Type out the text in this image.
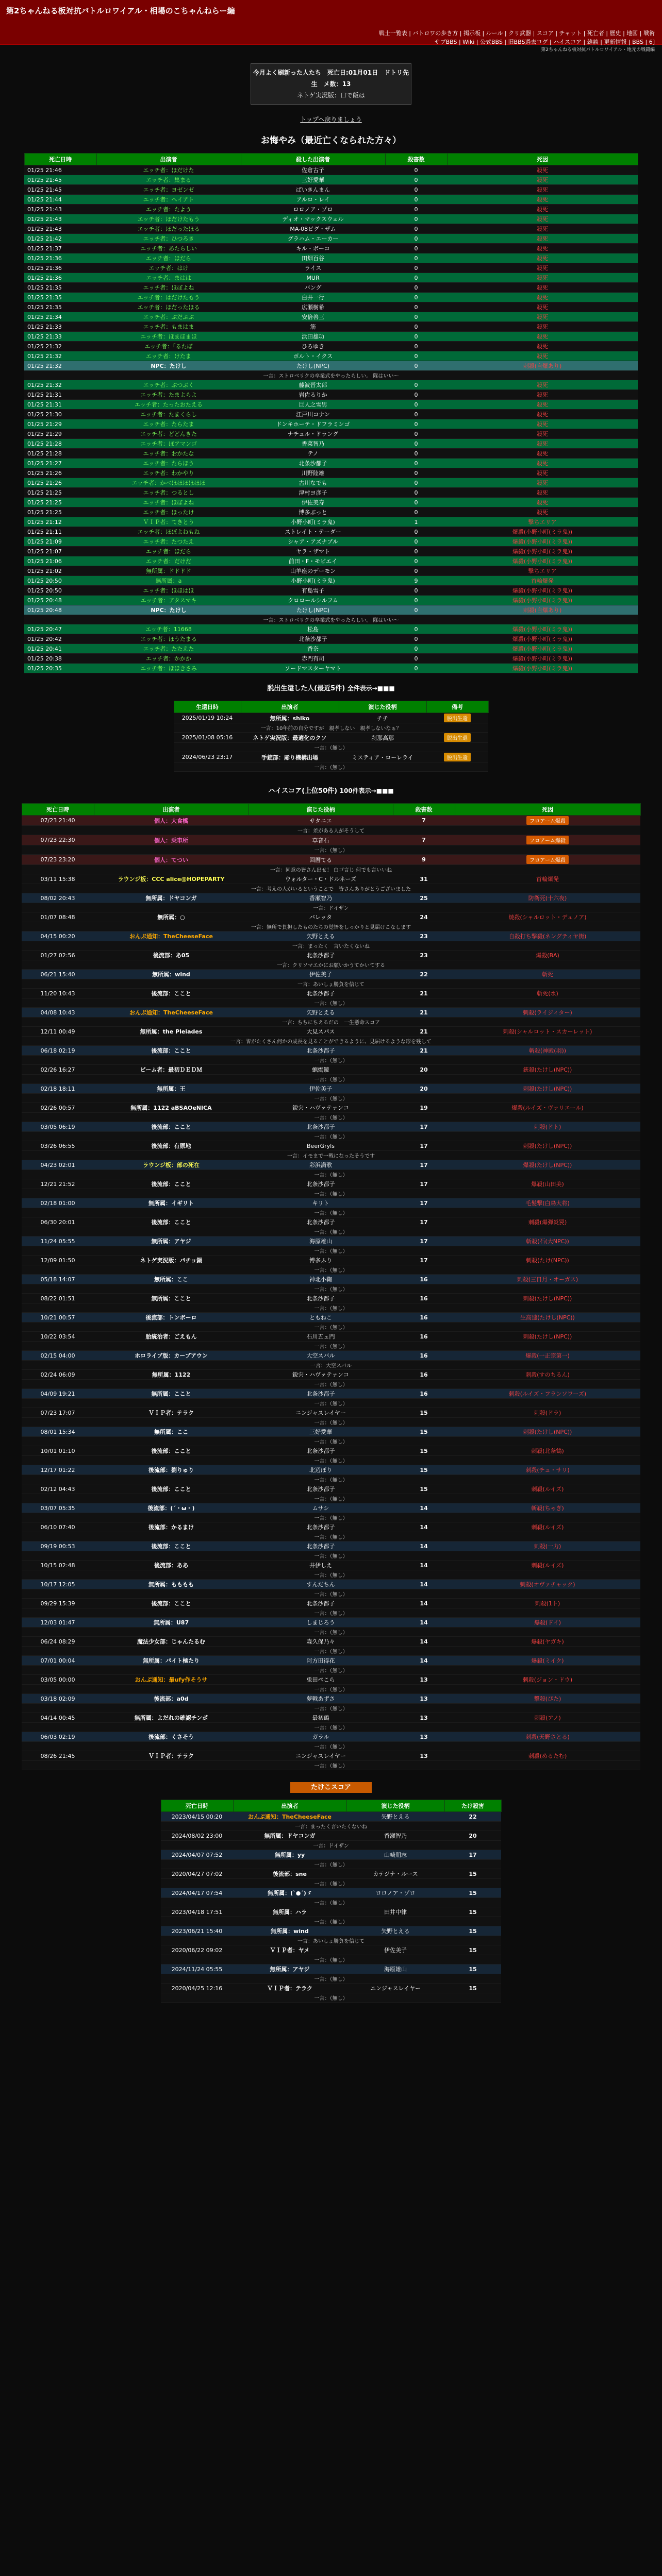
第2ちゃんねる板対抗バトルロワイアル・相場のこちゃんねらー編
戦士一覧表 | バトロワの歩き方 | 掲示板 | ルール | クリ武器 | スコア | チャット | 死亡者 | 歴史 | 地図 | 戦術
サブBBS | Wiki | 公式BBS | 旧BBS過去ログ | ハイスコア | 雑談 | 更新情報 | BBS | 6]
第2ちゃんねる板対抗バトルロワイアル・地元の戦闘編
今月よく刷新った人たち　死亡日:01月01日　ドトリ先生　メ数：13
ネトゲ実況版：口で飯は
トップへ戻りましょう
お悔やみ（最近亡くなられた方々）
死亡日時	出演者	殺した出演者	殺害数	死因
01/25 21:46	エッチ者：ほだけた	佐倉古子	0	殺死
01/25 21:45	エッチ者：集まる	三好愛華	0	殺死
01/25 21:45	エッチ者：ヨゼンゼ	ぱいきんまん	0	殺死
01/25 21:44	エッチ者：ヘイアト	アルロ・レイ	0	殺死
01/25 21:43	エッチ者：たよう	ロロノア・ゾロ	0	殺死
01/25 21:43	エッチ者：ほだけたもう	ディオ・マックスウェル	0	殺死
01/25 21:43	エッチ者：ほだったほる	MA-08ビグ・ザム	0	殺死
01/25 21:42	エッチ者：ひつろき	グラハム・エーカー	0	殺死
01/25 21:37	エッチ者：あたらしい	キル・ボーコ	0	殺死
01/25 21:36	エッチ者：ほだら	田畑百谷	0	殺死
01/25 21:36	エッチ者：はけ	ライス	0	殺死
01/25 21:36	エッチ者：まはは	MUR	0	殺死
01/25 21:35	エッチ者：ほぼよね	バング	0	殺死
01/25 21:35	エッチ者：はだけたもう	白井一行	0	殺死
01/25 21:35	エッチ者：ほだったほる	広瀬樹希	0	殺死
01/25 21:34	エッチ者：ぷだぷぷ	安倍善三	0	殺死
01/25 21:33	エッチ者：もまはま	筋	0	殺死
01/25 21:33	エッチ者：ほまほまほ	浜田雄功	0	殺死
01/25 21:32	エッチ者：「るたぼ	ひろゆき	0	殺死
01/25 21:32	エッチ者：けたま	ボルト・イクス	0	殺死
01/25 21:32	NPC：たけし	たけし(NPC)	0	刺殺(自爆あり)
一言：ストロベリクの卒業式をやったらしい。 隊はいい～				
01/25 21:32	エッチ者：ぶつぶく	藤波晋太郎	0	殺死
01/25 21:31	エッチ者：たまよらよ	岩佐るりか	0	殺死
01/25 21:31	エッチ者：たったおたえる	巨人之雪男	0	殺死
01/25 21:30	エッチ者：たまくらし	江戸川コナン	0	殺死
01/25 21:29	エッチ者：たらたま	ドンキホーテ・ドフラミンゴ	0	殺死
01/25 21:29	エッチ者：どどんきた	ナチュル・ドラング	0	殺死
01/25 21:28	エッチ者：ぽアマンゴ	香菜智乃	0	殺死
01/25 21:28	エッチ者：おかたな	テノ	0	殺死
01/25 21:27	エッチ者：たらほう	北条沙都子	0	殺死
01/25 21:26	エッチ者：わかやり	川野陸雄	0	殺死
01/25 21:26	エッチ者：かべほほほほほほ	古川なでも	0	殺死
01/25 21:25	エッチ者：つるとし	津村ヨ彦子	0	殺死
01/25 21:25	エッチ者：ほぼよね	伊佐美寿	0	殺死
01/25 21:25	エッチ者：ほったけ	博多ぶっと	0	殺死
01/25 21:12	ＶＩＰ者：てきとう	小野小町(ミラ鬼)	1	撃ちエリア
01/25 21:11	エッチ者：ほぼよねもね	ストレイト・テーダー	0	爆殺(小野小町(ミラ鬼))
01/25 21:09	エッチ者：たつたえ	シャア・アズナブル	0	爆殺(小野小町(ミラ鬼))
01/25 21:07	エッチ者：ほだら	ヤラ・ザマト	0	爆殺(小野小町(ミラ鬼))
01/25 21:06	エッチ者：だけだ	前田・F・モビエイ	0	爆殺(小野小町(ミラ鬼))
01/25 21:02	無所属：ドドドド	山羊座のデーモン	0	撃ちエリア
01/25 20:50	無所属：a	小野小町(ミラ鬼)	9	首輪爆発
01/25 20:50	エッチ者：ほほはほ	有島雪子	0	爆殺(小野小町(ミラ鬼))
01/25 20:48	エッチ者：アタスマキ	クロロールシルフム	0	爆殺(小野小町(ミラ鬼))
01/25 20:48	NPC：たけし	たけし(NPC)	0	刺殺(自爆あり)
一言：ストロベリクの卒業式をやったらしい。 隊はいい～				
01/25 20:47	エッチ者：11668	松島	0	爆殺(小野小町(ミラ鬼))
01/25 20:42	エッチ者：ほうたまる	北条沙都子	0	爆殺(小野小町(ミラ鬼))
01/25 20:41	エッチ者：たたえた	香奈	0	爆殺(小野小町(ミラ鬼))
01/25 20:38	エッチ者：かかか	赤門有司	0	爆殺(小野小町(ミラ鬼))
01/25 20:35	エッチ者：ほほきさみ	ソードマスターヤマト	0	爆殺(小野小町(ミラ鬼))
脱出生還した人(最近5件) 全件表示→■■■
生還日時	出演者	演じた役柄	備考
2025/01/19 10:24	無所属：shiko	チチ	脱出生還
一言：10年前の自分ですが　親孝しない　親孝しないなぁ？			
2025/01/08 05:16	ネトゲ実況版：最適化のクソ	刹那高那	脱出生還
一言：（無し）			
2024/06/23 23:17	手錠部：彫り機構出場	ミスティア・ローレライ	脱出生還
一言：（無し）			
ハイスコア(上位50件) 100件表示→■■■
死亡日時	出演者	演じた役柄	殺害数	死因
07/23 21:40	個人：大食橋	サタニエ	7	フロアーム爆殺
一言：差がある人がそうして				
07/23 22:30	個人：乗車所	草音石	7	フロアーム爆殺
一言：（無し）				
07/23 23:20	個人：てつい	回暦てる	9	フロアーム爆殺
一言：同意の皆さん出せ！ 白ゴ言じ 何でも言いいね				
03/11 15:38	ラウンジ板：CCC alice@HOPEPARTY	ウォルター・C・ドルネーズ	31	首輪爆発
一言：考えの人がいるということで　皆さんありがとうございました				
08/02 20:43	無所属：ドヤコンガ	香瀬智乃	25	防衛死(十六夜)
一言：ドイザン				
01/07 08:48	無所属：○	バレッタ	24	焼殺(シャルロット・デュノア)
一言：無所で負担したものたちの覚悟をしっかりと見届けこなします				
04/15 00:20	おんぷ通知：TheCheeseFace	矢野とえる	23	自殺打ち撃殺(ネングティヤ街)
一言：まったく　言いたくないね				
01/27 02:56	後流部：あ05	北条沙都子	23	爆殺(BA)
一言：クリソマエかにお願いかうてかいてする				
06/21 15:40	無所属：wind	伊佐美子	22	斬死
一言：あいしょ勝負を信じて				
11/20 10:43	後流部：ここと	北条沙都子	21	斬死(水)
一言：（無し）				
04/08 10:43	おんぷ通知：TheCheeseFace	矢野とえる	21	刺殺(ライジィター)
一言：ちちにちえるだの　一生懸命スコア				
12/11 00:49	無所属：the Pleiades	大見スパス	21	刺殺(シャルロット・スカーレット)
一言：皆がたくさん何かの成長を見ることができるように、見届けるような形を残して				
06/18 02:19	後流部：ここと	北条沙都子	21	斬殺(神殿(羽))
一言：（無し）				
02/26 16:27	ビーム者：最初ＤＥＤＭ	蝋燭鏡	20	銃殺(たけし(NPC))
一言：（無し）				
02/18 18:11	無所属：王	伊佐美子	20	刺殺(たけし(NPC))
一言：（無し）				
02/26 00:57	無所属：1122 aBSAOeNICA	鋭宍・ハヴァテァンコ	19	爆殺(ルイズ・ヴァリエール)
一言：（無し）				
03/05 06:19	後流部：ここと	北条沙都子	17	刺殺(ドト)
一言：（無し）				
03/26 06:55	後流部：有原地	BeerGryls	17	刺殺(たけし(NPC))
一言：イモまで一戦になったそうです				
04/23 02:01	ラウンジ板：部の死在	彩浜満歌	17	爆殺(たけし(NPC))
一言：（無し）				
12/21 21:52	後流部：ここと	北条沙都子	17	爆殺(山田美)
一言：（無し）				
02/18 01:00	無所属：イギリト	キリト	17	毛髪撃(白鳥大将)
一言：（無し）				
06/30 20:01	後流部：ここと	北条沙都子	17	刺殺(爆弾炎罠)
一言：（無し）				
11/24 05:55	無所属：アヤジ	海原雄山	17	斬殺(石(大NPC))
一言：（無し）				
12/09 01:50	ネトゲ実況版：パチョ鍋	博多ふり	17	刺殺(たけ(NPC))
一言：（無し）				
05/18 14:07	無所属：ここ	神北小鞠	16	刺殺(三日月・オーガス)
一言：（無し）				
08/22 01:51	無所属：ここと	北条沙都子	16	刺殺(たけし(NPC))
一言：（無し）				
10/21 00:57	後流部：トンボーロ	ともねこ	16	生高速(たけし(NPC))
一言：（無し）				
10/22 03:54	胎統治者：ごえもん	石川五ェ門	16	刺殺(たけし(NPC))
一言：（無し）				
02/15 04:00	ホロライブ版：カーブアウン	大空スバル	16	爆殺(一正宗第一)
一言：大空スバル				
02/24 06:09	無所属：1122	鋭宍・ハヴァテァンコ	16	刺殺(すのちるん)
一言：（無し）				
04/09 19:21	無所属：ここと	北条沙都子	16	刺殺(ルイズ・フランソワーズ)
一言：（無し）				
07/23 17:07	ＶＩＰ者：テラク	ニンジャスレイヤー	15	刺殺(ドラ)
一言：（無し）				
08/01 15:34	無所属：ここ	三好愛華	15	刺殺(たけし(NPC))
一言：（無し）				
10/01 01:10	後流部：ここと	北条沙都子	15	刺殺(北条鶴)
一言：（無し）				
12/17 01:22	後流部：劉りゅり	北辺ぼり	15	刺殺(チュ・サリ)
一言：（無し）				
02/12 04:43	後流部：ここと	北条沙都子	15	刺殺(ルイズ)
一言：（無し）				
03/07 05:35	後流部：(´・ω・)	ムサシ	14	斬殺(ちゃぎ)
一言：（無し）				
06/10 07:40	後流部：かるまけ	北条沙都子	14	刺殺(ルイズ)
一言：（無し）				
09/19 00:53	後流部：ここと	北条沙都子	14	刺殺(一力)
一言：（無し）				
10/15 02:48	後流部：ああ	井伊しえ	14	刺殺(ルイズ)
一言：（無し）				
10/17 12:05	無所属：もももも	すんだちん	14	刺殺(オヴァチャック)
一言：（無し）				
09/29 15:39	後流部：ここと	北条沙都子	14	刺殺(1ト)
一言：（無し）				
12/03 01:47	無所属：U87	しまじろう	14	爆殺(ドイ)
一言：（無し）				
06/24 08:29	魔法少女部：じゃんたるむ	森久保乃々	14	爆殺(ヤガキ)
一言：（無し）				
07/01 00:04	無所属：パイト極たり	阿方田得花	14	爆殺(ミイク)
一言：（無し）				
03/05 00:00	おんぷ通知：最ufy作そうサ	兎田ぺこら	13	刺殺(ジョン・ドウ)
一言：（無し）				
03/18 02:09	後流部：a0d	夢戦あずさ	13	撃殺(ぴた)
一言：（無し）				
04/14 00:45	無所属：よだれの確認チンポ	最初鶴	13	刺殺(アノ)
一言：（無し）				
06/03 02:19	後流部：くさそう	ガラル	13	刺殺(天野さとる)
一言：（無し）				
08/26 21:45	ＶＩＰ者：テラク	ニンジャスレイヤー	13	刺殺(めるたむ)
一言：（無し）				
たけこスコア
死亡日時	出演者	演じた役柄	たけ殺害
2023/04/15 00:20	おんぷ通知：TheCheeseFace	矢野とえる	22
一言：まったく言いたくないね			
2024/08/02 23:00	無所属：ドヤコンガ	香瀬智乃	20
一言：ドイザン			
2024/04/07 07:52	無所属：yy	山崎朋志	17
一言：（無し）			
2020/04/27 07:02	後流部：sne	カテジナ・ルース	15
一言：（無し）			
2024/04/17 07:54	無所属：(`●´)ゞ	ロロノア・ゾロ	15
一言：（無し）			
2023/04/18 17:51	無所属：ハラ	田井中律	15
一言：（無し）			
2023/06/21 15:40	無所属：wind	矢野とえる	15
一言：あいしょ勝負を信じて			
2020/06/22 09:02	ＶＩＰ者：ヤメ	伊佐美子	15
一言：（無し）			
2024/11/24 05:55	無所属：アヤジ	海原雄山	15
一言：（無し）			
2020/04/25 12:16	ＶＩＰ者：テラク	ニンジャスレイヤー	15
一言：（無し）			
